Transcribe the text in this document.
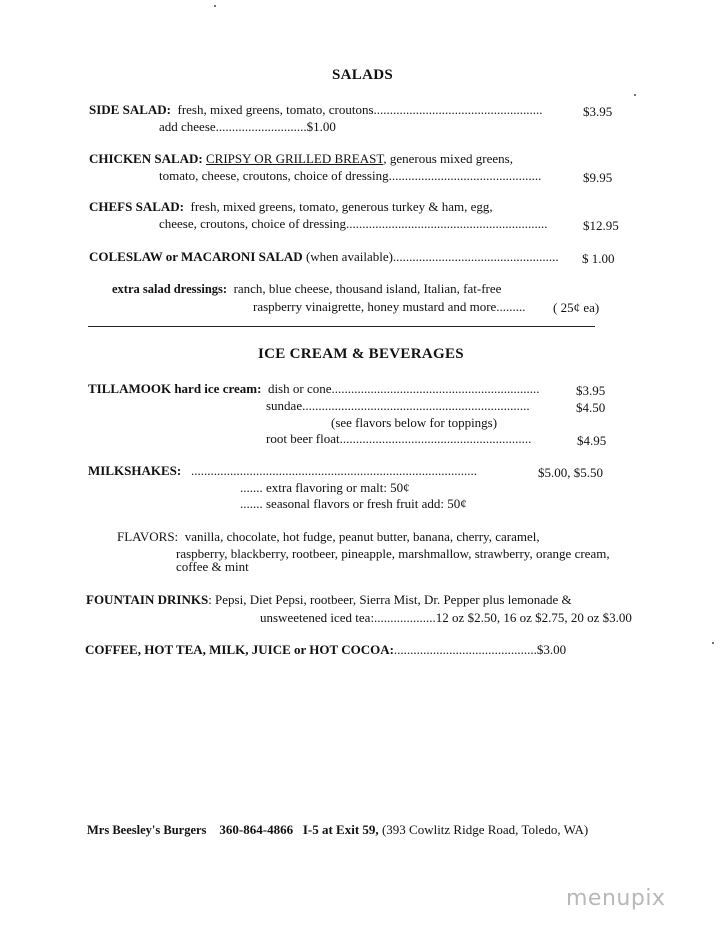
SALADS
SIDE SALAD: fresh, mixed greens, tomato, croutons....................................................	$3.95
add cheese............................$1.00
CHICKEN SALAD: CRIPSY OR GRILLED BREAST, generous mixed greens,
tomato, cheese, croutons, choice of dressing...............................................	$9.95
CHEFS SALAD: fresh, mixed greens, tomato, generous turkey & ham, egg,
cheese, croutons, choice of dressing..............................................................	$12.95
COLESLAW or MACARONI SALAD (when available)................................................... $ 1.00
extra salad dressings: ranch, blue cheese, thousand island, Italian, fat-free
raspberry vinaigrette, honey mustard and more......... ( 25¢ ea)
ICE CREAM & BEVERAGES
TILLAMOOK hard ice cream: dish or cone................................................................	$3.95
sundae......................................................................	$4.50
(see flavors below for toppings)
root beer float...........................................................	$4.95
MILKSHAKES: ........................................................................................	$5.00, $5.50
....... extra flavoring or malt: 50¢
....... seasonal flavors or fresh fruit add: 50¢
FLAVORS: vanilla, chocolate, hot fudge, peanut butter, banana, cherry, caramel,
raspberry, blackberry, rootbeer, pineapple, marshmallow, strawberry, orange cream,
coffee & mint
FOUNTAIN DRINKS: Pepsi, Diet Pepsi, rootbeer, Sierra Mist, Dr. Pepper plus lemonade &
unsweetened iced tea:...................12 oz $2.50, 16 oz $2.75, 20 oz $3.00
COFFEE, HOT TEA, MILK, JUICE or HOT COCOA:............................................$3.00
Mrs Beesley's Burgers 360-864-4866 I-5 at Exit 59, (393 Cowlitz Ridge Road, Toledo, WA)
menupix
